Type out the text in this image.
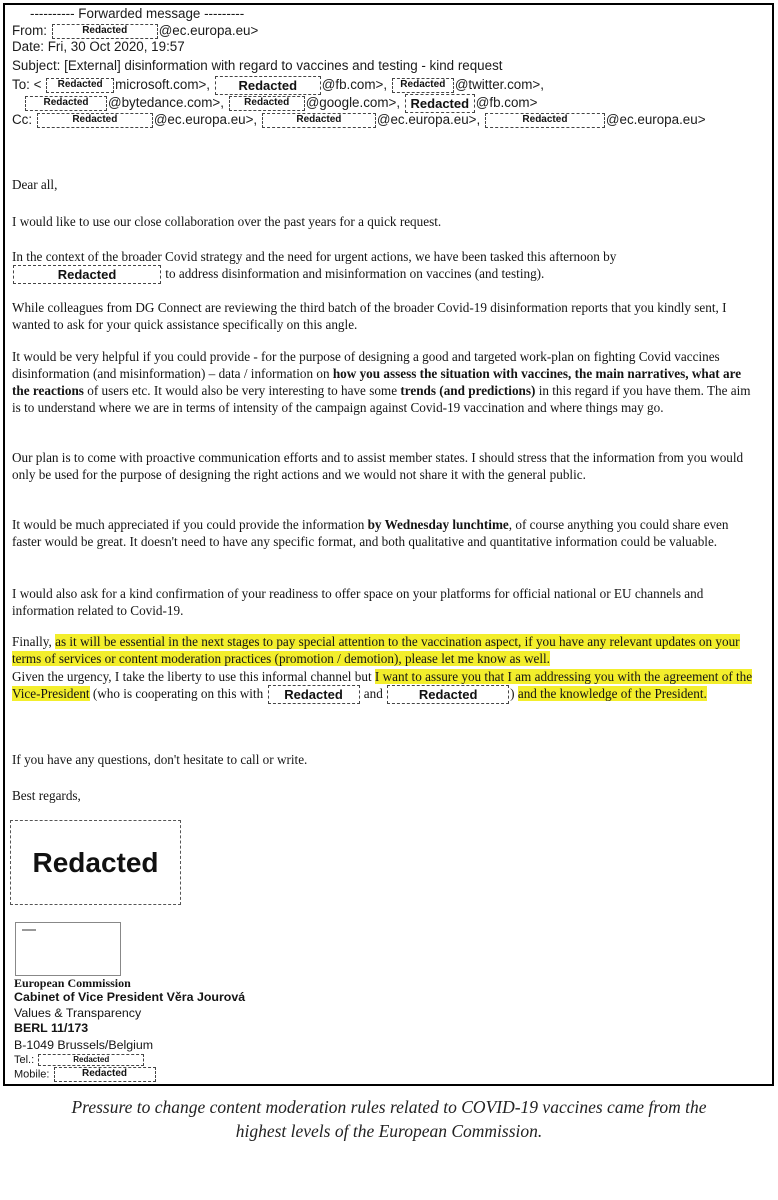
---------- Forwarded message ---------
From:	Redacted @ec.europa.eu>
Date: Fri, 30 Oct 2020, 19:57
Subject: [External] disinformation with regard to vaccines and testing - kind request
To: < Redacted microsoft.com>, Redacted @fb.com>, Redacted @twitter.com>,
Redacted @bytedance.com>, Redacted @google.com>, Redacted @fb.com>
Cc:	Redacted	@ec.europa.eu>,	Redacted	@ec.europa.eu>,	Redacted	@ec.europa.eu>
Dear all,
I would like to use our close collaboration over the past years for a quick request.
In the context of the broader Covid strategy and the need for urgent actions, we have been tasked this afternoon by Redacted	to address disinformation and misinformation on vaccines (and testing).
While colleagues from DG Connect are reviewing the third batch of the broader Covid-19 disinformation reports that you kindly sent, I wanted to ask for your quick assistance specifically on this angle.
It would be very helpful if you could provide - for the purpose of designing a good and targeted work-plan on fighting Covid vaccines disinformation (and misinformation) – data / information on how you assess the situation with vaccines, the main narratives, what are the reactions of users etc. It would also be very interesting to have some trends (and predictions) in this regard if you have them. The aim is to understand where we are in terms of intensity of the campaign against Covid-19 vaccination and where things may go.
Our plan is to come with proactive communication efforts and to assist member states. I should stress that the information from you would only be used for the purpose of designing the right actions and we would not share it with the general public.
It would be much appreciated if you could provide the information by Wednesday lunchtime, of course anything you could share even faster would be great. It doesn't need to have any specific format, and both qualitative and quantitative information could be valuable.
I would also ask for a kind confirmation of your readiness to offer space on your platforms for official national or EU channels and information related to Covid-19.
Finally, as it will be essential in the next stages to pay special attention to the vaccination aspect, if you have any relevant updates on your terms of services or content moderation practices (promotion / demotion), please let me know as well.
Given the urgency, I take the liberty to use this informal channel but I want to assure you that I am addressing you with the agreement of the Vice-President (who is cooperating on this with Redacted and	Redacted ) and the knowledge of the President.
If you have any questions, don't hesitate to call or write.
Best regards,
Redacted
European Commission
Cabinet of Vice President Věra Jourová
Values & Transparency
BERL 11/173
B-1049 Brussels/Belgium
Tel.:	Redacted
Mobile:	Redacted
Pressure to change content moderation rules related to COVID-19 vaccines came from the
highest levels of the European Commission.
